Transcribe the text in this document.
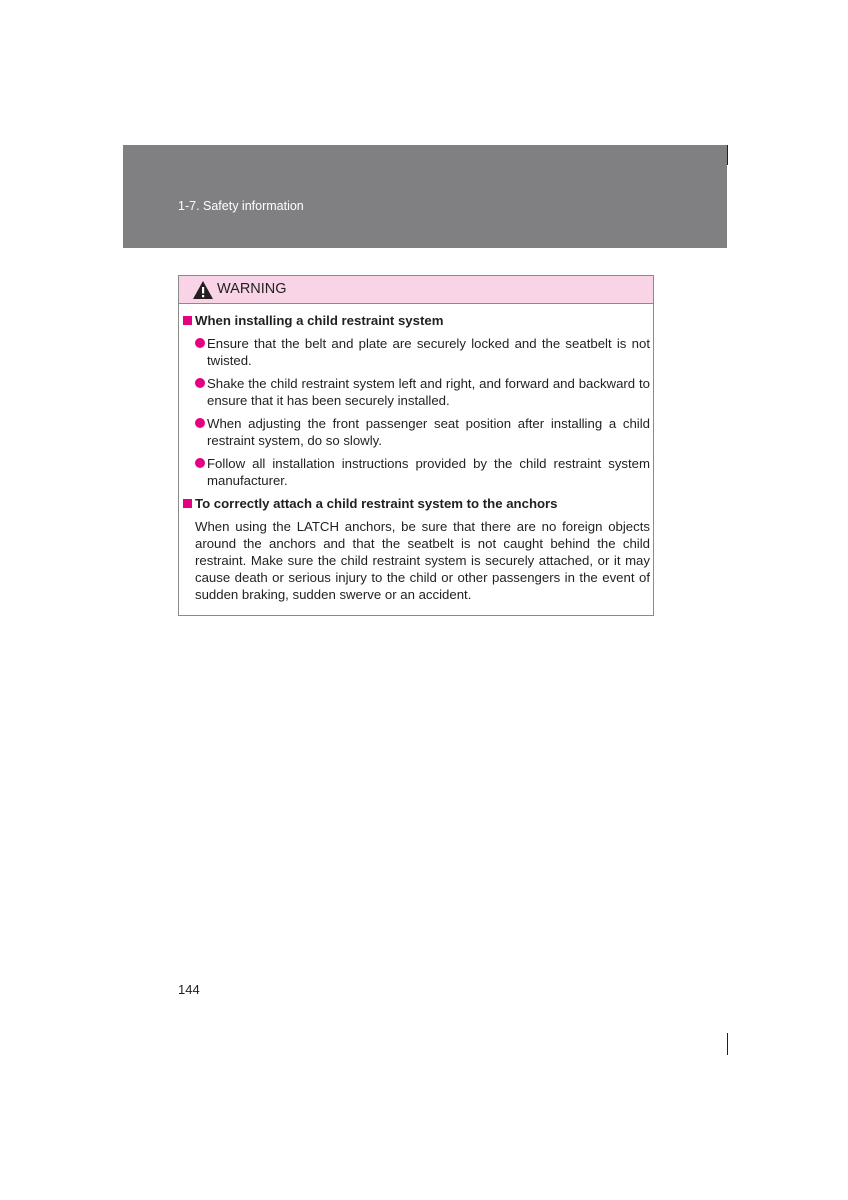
1-7. Safety information
WARNING
When installing a child restraint system
Ensure that the belt and plate are securely locked and the seatbelt is not twisted.
Shake the child restraint system left and right, and forward and backward to ensure that it has been securely installed.
When adjusting the front passenger seat position after installing a child restraint system, do so slowly.
Follow all installation instructions provided by the child restraint system manufacturer.
To correctly attach a child restraint system to the anchors
When using the LATCH anchors, be sure that there are no foreign objects around the anchors and that the seatbelt is not caught behind the child restraint. Make sure the child restraint system is securely attached, or it may cause death or serious injury to the child or other passengers in the event of sudden braking, sudden swerve or an accident.
144
